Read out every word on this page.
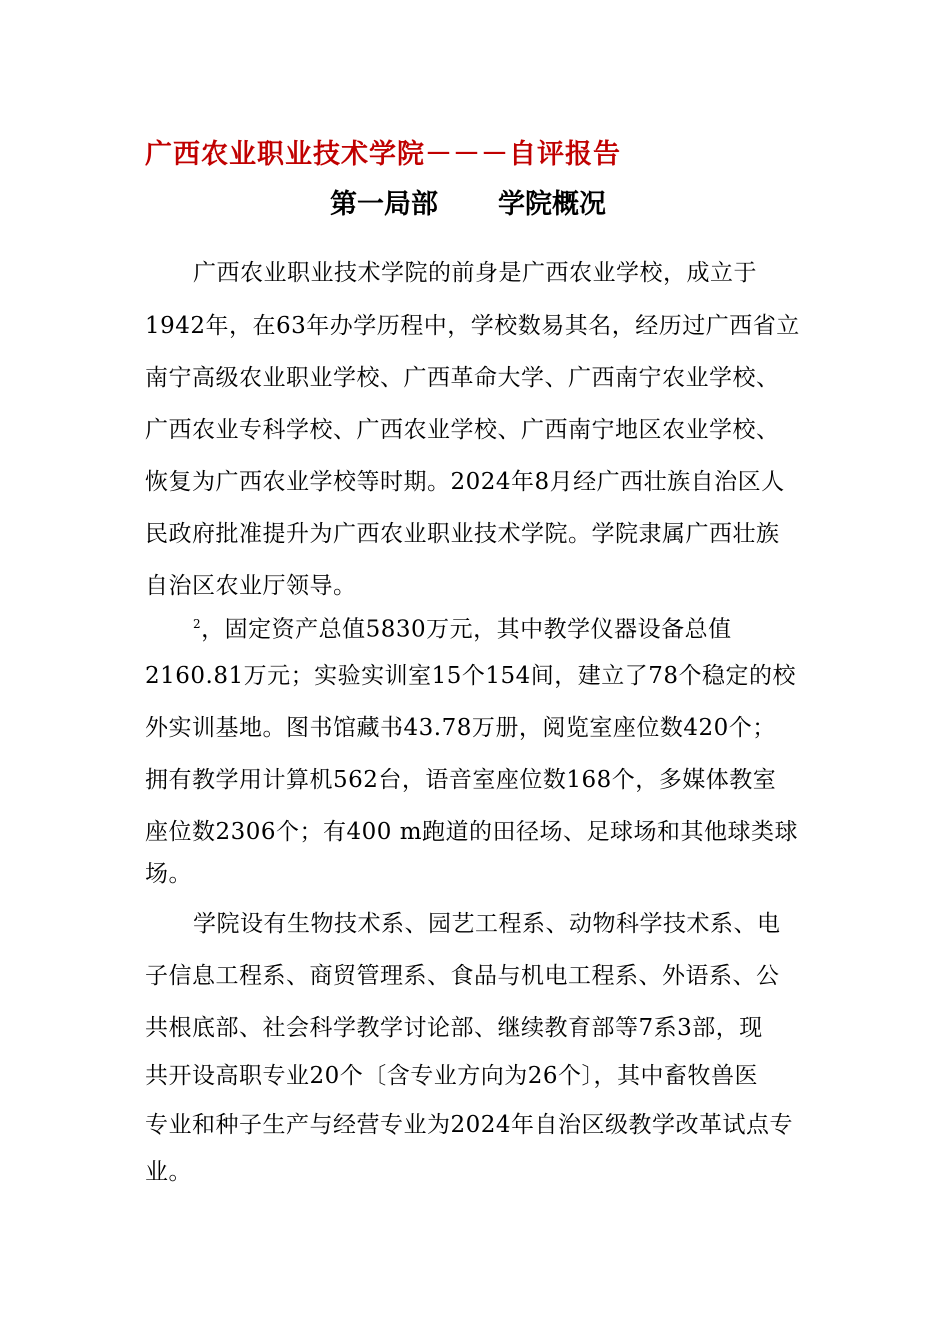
广西农业职业技术学院－－－自评报告
第一局部 学院概况
广西农业职业技术学院的前身是广西农业学校，成立于
1942年，在63年办学历程中，学校数易其名，经历过广西省立
南宁高级农业职业学校、广西革命大学、广西南宁农业学校、
广西农业专科学校、广西农业学校、广西南宁地区农业学校、
恢复为广西农业学校等时期。2024年8月经广西壮族自治区人
民政府批准提升为广西农业职业技术学院。学院隶属广西壮族
自治区农业厅领导。
$^2$，固定资产总值5830万元，其中教学仪器设备总值
2160.81万元；实验实训室15个154间，建立了78个稳定的校
外实训基地。图书馆藏书43.78万册，阅览室座位数420个；
拥有教学用计算机562台，语音室座位数168个，多媒体教室
座位数2306个；有400 m跑道的田径场、足球场和其他球类球
场。
学院设有生物技术系、园艺工程系、动物科学技术系、电
子信息工程系、商贸管理系、食品与机电工程系、外语系、公
共根底部、社会科学教学讨论部、继续教育部等7系3部，现
共开设高职专业20个〔含专业方向为26个〕，其中畜牧兽医
专业和种子生产与经营专业为2024年自治区级教学改革试点专
业。
